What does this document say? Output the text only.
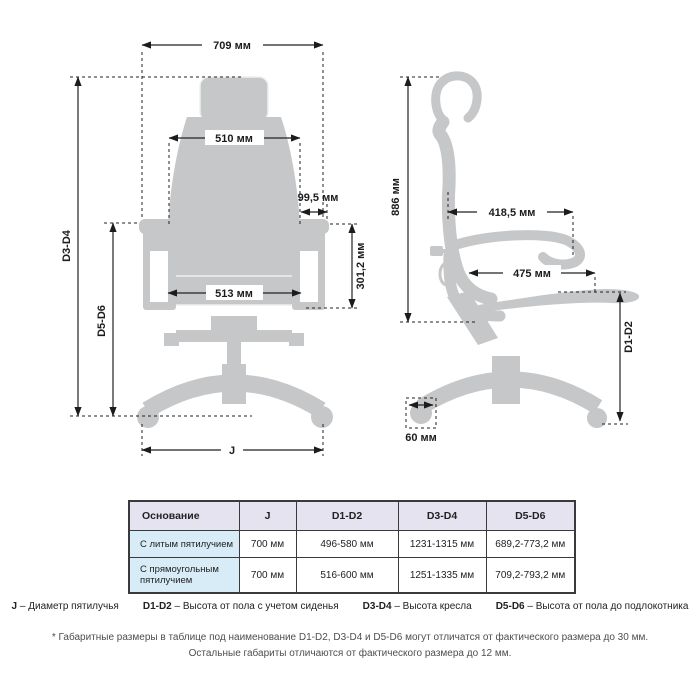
709 мм
D3-D4
D5-D6
510 мм
99,5 мм
301,2 мм
513 мм
J
886 мм	418,5 мм
475 мм
D1-D2
60 мм
Основание	J	D1-D2	D3-D4	D5-D6
С литым пятилучием	700 мм	496-580 мм	1231-1315 мм	689,2-773,2 мм
С прямоугольным пятилучием	700 мм	516-600 мм	1251-1335 мм	709,2-793,2 мм
J – Диаметр пятилучья D1-D2 – Высота от пола с учетом сиденья D3-D4 – Высота кресла D5-D6 – Высота от пола до подлокотника
* Габаритные размеры в таблице под наименование D1-D2, D3-D4 и D5-D6 могут отличатся от фактического размера до 30 мм.
Остальные габариты отличаются от фактического размера до 12 мм.
